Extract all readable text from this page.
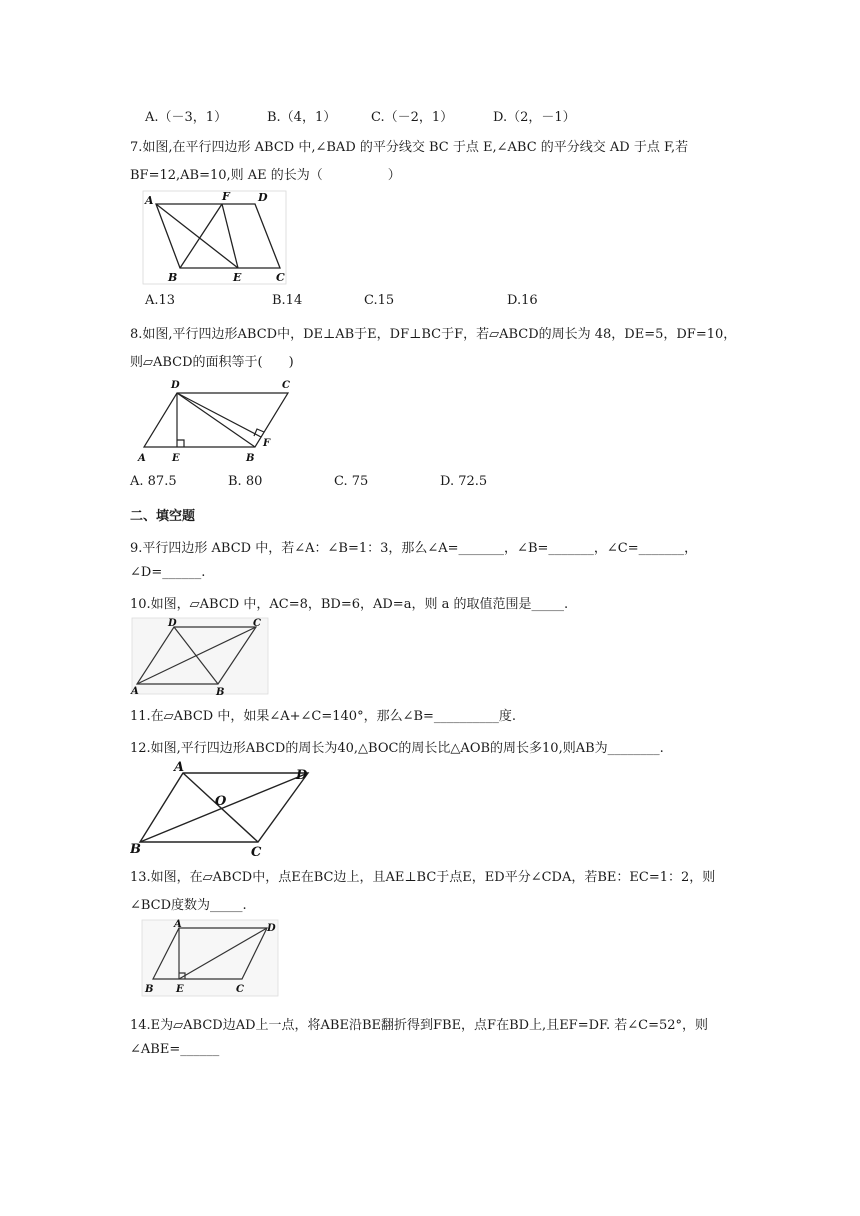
A.（－3，1）	B.（4，1）	C.（－2，1）	D.（2，－1）
7.如图,在平行四边形 ABCD 中,∠BAD 的平分线交 BC 于点 E,∠ABC 的平分线交 AD 于点 F,若
BF=12,AB=10,则 AE 的长为（　　　　　）
A	F	D
B	E	C
A.13	B.14	C.15	D.16
8.如图,平行四边形ABCD中，DE⊥AB于E，DF⊥BC于F，若▱ABCD的周长为 48，DE=5，DF=10，
则▱ABCD的面积等于(　　)
D	C
F
A	E	B
A. 87.5	B. 80	C. 75	D. 72.5
二、填空题
9.平行四边形 ABCD 中，若∠A：∠B=1：3，那么∠A=_______，∠B=_______，∠C=_______，
∠D=______.
10.如图，▱ABCD 中，AC=8，BD=6，AD=a，则 a 的取值范围是_____.
D	C
A	B
11.在▱ABCD 中，如果∠A+∠C=140°，那么∠B=__________度.
12.如图,平行四边形ABCD的周长为40,△BOC的周长比△AOB的周长多10,则AB为________.
A
D
O
B	C
13.如图，在▱ABCD中，点E在BC边上，且AE⊥BC于点E，ED平分∠CDA，若BE：EC=1：2，则
∠BCD度数为_____.
A	D
B E	C
14.E为▱ABCD边AD上一点，将ABE沿BE翻折得到FBE，点F在BD上,且EF=DF. 若∠C=52°，则
∠ABE=______
